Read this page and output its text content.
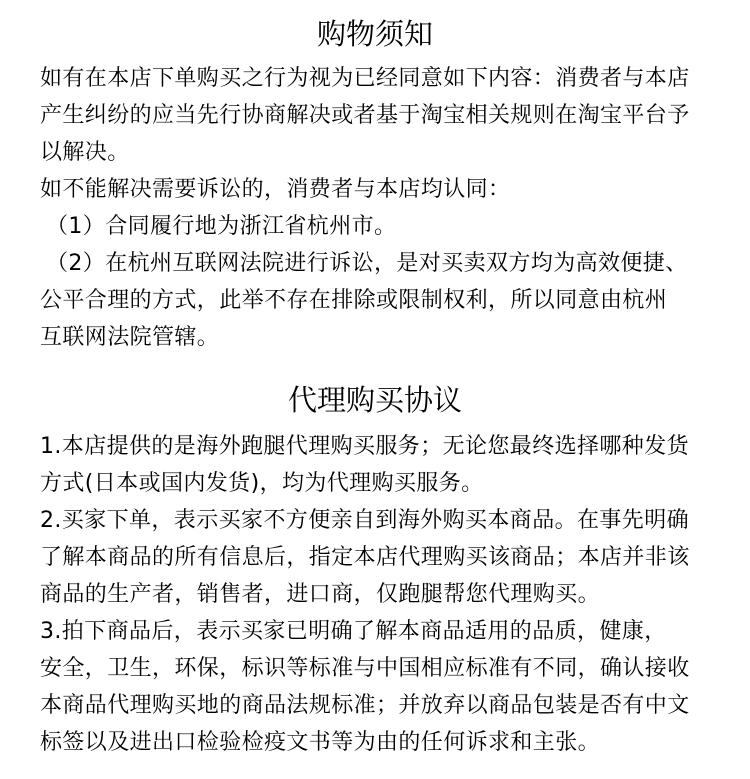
购物须知
如有在本店下单购买之行为视为已经同意如下内容：消费者与本店
产生纠纷的应当先行协商解决或者基于淘宝相关规则在淘宝平台予
以解决。
如不能解决需要诉讼的，消费者与本店均认同：
（1）合同履行地为浙江省杭州市。
（2）在杭州互联网法院进行诉讼，是对买卖双方均为高效便捷、
公平合理的方式，此举不存在排除或限制权利，所以同意由杭州
互联网法院管辖。
代理购买协议
1.本店提供的是海外跑腿代理购买服务；无论您最终选择哪种发货
方式(日本或国内发货)，均为代理购买服务。
2.买家下单，表示买家不方便亲自到海外购买本商品。在事先明确
了解本商品的所有信息后，指定本店代理购买该商品；本店并非该
商品的生产者，销售者，进口商，仅跑腿帮您代理购买。
3.拍下商品后，表示买家已明确了解本商品适用的品质，健康，
安全，卫生，环保，标识等标准与中国相应标准有不同，确认接收
本商品代理购买地的商品法规标准；并放弃以商品包装是否有中文
标签以及进出口检验检疫文书等为由的任何诉求和主张。
